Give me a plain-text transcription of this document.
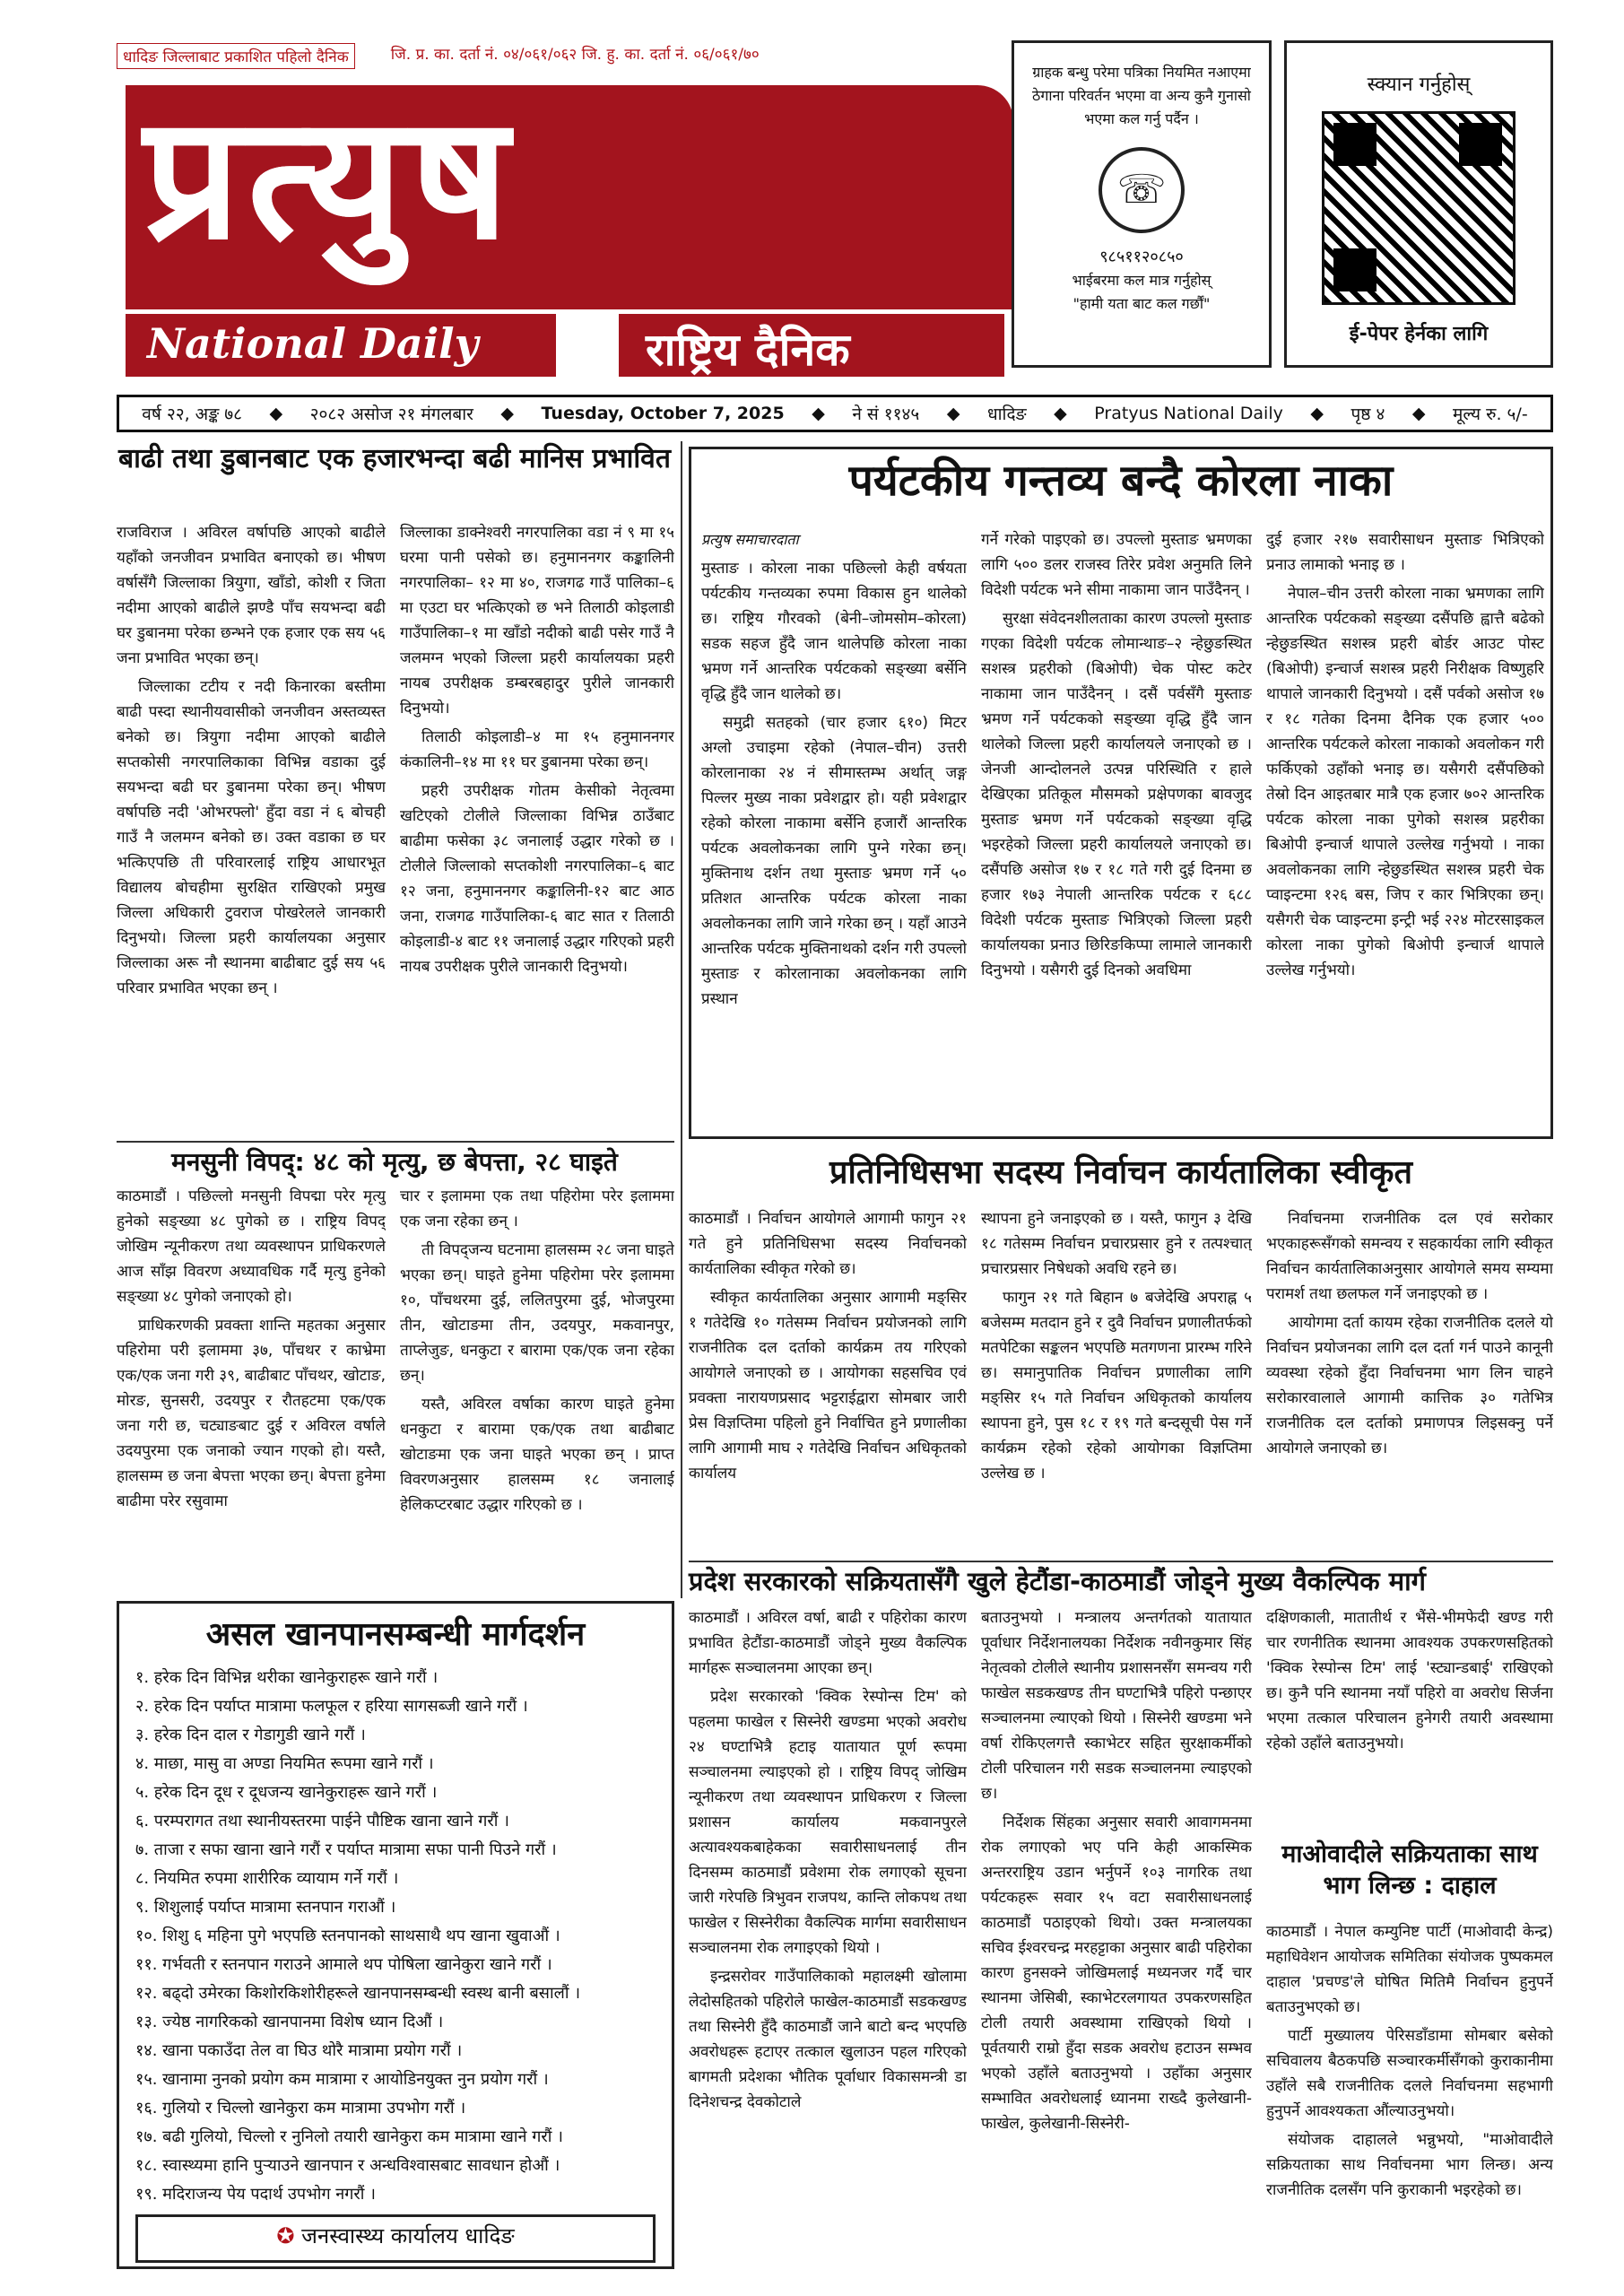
धादिङ जिल्लाबाट प्रकाशित पहिलो दैनिक	जि. प्र. का. दर्ता नं. ०४/०६१/०६२ जि. हु. का. दर्ता नं. ०६/०६१/७०
प्रत्युष
National Daily	राष्ट्रिय दैनिक
ग्राहक बन्धु परेमा पत्रिका नियमित नआएमा ठेगाना परिवर्तन भएमा वा अन्य कुनै गुनासो भएमा कल गर्नु पर्दैन ।
☏
९८५११२०८५०
भाईबरमा कल मात्र गर्नुहोस्
"हामी यता बाट कल गर्छौं"
स्क्यान गर्नुहोस्
ई-पेपर हेर्नका लागि
वर्ष २२, अङ्क ७८ ◆ २०८२ असोज २१ मंगलबार ◆ Tuesday, October 7, 2025 ◆ ने सं ११४५ ◆ धादिङ ◆ Pratyus National Daily ◆ पृष्ठ ४ ◆ मूल्य रु. ५/-
बाढी तथा डुबानबाट एक हजारभन्दा बढी मानिस प्रभावित

राजविराज । अविरल वर्षापछि आएको बाढीले यहाँको जनजीवन प्रभावित बनाएको छ। भीषण वर्षासँगै जिल्लाका त्रियुगा, खाँडो, कोशी र जिता नदीमा आएको बाढीले झण्डै पाँच सयभन्दा बढी घर डुबानमा परेका छन्भने एक हजार एक सय ५६ जना प्रभावित भएका छन्।

जिल्लाका टटीय र नदी किनारका बस्तीमा बाढी पस्दा स्थानीयवासीको जनजीवन अस्तव्यस्त बनेको छ। त्रियुगा नदीमा आएको बाढीले सप्तकोसी नगरपालिकाका विभिन्न वडाका दुई सयभन्दा बढी घर डुबानमा परेका छन्। भीषण वर्षापछि नदी 'ओभरफ्लो' हुँदा वडा नं ६ बोचही गाउँ नै जलमग्न बनेको छ। उक्त वडाका छ घर भत्किएपछि ती परिवारलाई राष्ट्रिय आधारभूत विद्यालय बोचहीमा सुरक्षित राखिएको प्रमुख जिल्ला अधिकारी टुवराज पोखरेलले जानकारी दिनुभयो। जिल्ला प्रहरी कार्यालयका अनुसार जिल्लाका अरू नौ स्थानमा बाढीबाट दुई सय ५६ परिवार प्रभावित भएका छन् ।

जिल्लाका डाक्नेश्वरी नगरपालिका वडा नं ९ मा १५ घरमा पानी पसेको छ। हनुमाननगर कङ्कालिनी नगरपालिका– १२ मा ४०, राजगढ गाउँ पालिका–६ मा एउटा घर भत्किएको छ भने तिलाठी कोइलाडी गाउँपालिका–१ मा खाँडो नदीको बाढी पसेर गाउँ नै जलमग्न भएको जिल्ला प्रहरी कार्यालयका प्रहरी नायब उपरीक्षक डम्बरबहादुर पुरीले जानकारी दिनुभयो।

तिलाठी कोइलाडी–४ मा १५ हनुमाननगर कंकालिनी–१४ मा ११ घर डुबानमा परेका छन्।

प्रहरी उपरीक्षक गोतम केसीको नेतृत्वमा खटिएको टोलीले जिल्लाका विभिन्न ठाउँबाट बाढीमा फसेका ३८ जनालाई उद्धार गरेको छ । टोलीले जिल्लाको सप्तकोशी नगरपालिका–६ बाट १२ जना, हनुमाननगर कङ्कालिनी-१२ बाट आठ जना, राजगढ गाउँपालिका-६ बाट सात र तिलाठी कोइलाडी-४ बाट ११ जनालाई उद्धार गरिएको प्रहरी नायब उपरीक्षक पुरीले जानकारी दिनुभयो।

पर्यटकीय गन्तव्य बन्दै कोरला नाका
प्रत्युष समाचारदाता

मुस्ताङ । कोरला नाका पछिल्लो केही वर्षयता पर्यटकीय गन्तव्यका रुपमा विकास हुन थालेको छ। राष्ट्रिय गौरवको (बेनी–जोमसोम–कोरला) सडक सहज हुँदै जान थालेपछि कोरला नाका भ्रमण गर्ने आन्तरिक पर्यटकको सङ्ख्या बर्सेनि वृद्धि हुँदै जान थालेको छ।

समुद्री सतहको (चार हजार ६१०) मिटर अग्लो उचाइमा रहेको (नेपाल–चीन) उत्तरी कोरलानाका २४ नं सीमास्तम्भ अर्थात् जङ्ग पिल्लर मुख्य नाका प्रवेशद्वार हो। यही प्रवेशद्वार रहेको कोरला नाकामा बर्सेनि हजारौं आन्तरिक पर्यटक अवलोकनका लागि पुग्ने गरेका छन्। मुक्तिनाथ दर्शन तथा मुस्ताङ भ्रमण गर्ने ५० प्रतिशत आन्तरिक पर्यटक कोरला नाका अवलोकनका लागि जाने गरेका छन् । यहाँ आउने आन्तरिक पर्यटक मुक्तिनाथको दर्शन गरी उपल्लो मुस्ताङ र कोरलानाका अवलोकनका लागि प्रस्थान

गर्ने गरेको पाइएको छ। उपल्लो मुस्ताङ भ्रमणका लागि ५०० डलर राजस्व तिरेर प्रवेश अनुमति लिने विदेशी पर्यटक भने सीमा नाकामा जान पाउँदैनन् ।

सुरक्षा संवेदनशीलताका कारण उपल्लो मुस्ताङ गएका विदेशी पर्यटक लोमान्थाङ–२ न्हेछुङस्थित सशस्त्र प्रहरीको (बिओपी) चेक पोस्ट कटेर नाकामा जान पाउँदैनन् । दसैं पर्वसँगै मुस्ताङ भ्रमण गर्ने पर्यटकको सङ्ख्या वृद्धि हुँदै जान थालेको जिल्ला प्रहरी कार्यालयले जनाएको छ । जेनजी आन्दोलनले उत्पन्न परिस्थिति र हाले देखिएका प्रतिकूल मौसमको प्रक्षेपणका बावजुद मुस्ताङ भ्रमण गर्ने पर्यटकको सङ्ख्या वृद्धि भइरहेको जिल्ला प्रहरी कार्यालयले जनाएको छ। दसैंपछि असोज १७ र १८ गते गरी दुई दिनमा छ हजार १७३ नेपाली आन्तरिक पर्यटक र ६८८ विदेशी पर्यटक मुस्ताङ भित्रिएको जिल्ला प्रहरी कार्यालयका प्रनाउ छिरिङकिप्पा लामाले जानकारी दिनुभयो । यसैगरी दुई दिनको अवधिमा

दुई हजार २१७ सवारीसाधन मुस्ताङ भित्रिएको प्रनाउ लामाको भनाइ छ ।

नेपाल–चीन उत्तरी कोरला नाका भ्रमणका लागि आन्तरिक पर्यटकको सङ्ख्या दसैंपछि ह्वात्तै बढेको न्हेछुङस्थित सशस्त्र प्रहरी बोर्डर आउट पोस्ट (बिओपी) इन्चार्ज सशस्त्र प्रहरी निरीक्षक विष्णुहरि थापाले जानकारी दिनुभयो । दसैं पर्वको असोज १७ र १८ गतेका दिनमा दैनिक एक हजार ५०० आन्तरिक पर्यटकले कोरला नाकाको अवलोकन गरी फर्किएको उहाँको भनाइ छ। यसैगरी दसैंपछिको तेस्रो दिन आइतबार मात्रै एक हजार ७०२ आन्तरिक पर्यटक कोरला नाका पुगेको सशस्त्र प्रहरीका बिओपी इन्चार्ज थापाले उल्लेख गर्नुभयो । नाका अवलोकनका लागि न्हेछुङस्थित सशस्त्र प्रहरी चेक प्वाइन्टमा १२६ बस, जिप र कार भित्रिएका छन्। यसैगरी चेक प्वाइन्टमा इन्ट्री भई २२४ मोटरसाइकल कोरला नाका पुगेको बिओपी इन्चार्ज थापाले उल्लेख गर्नुभयो।

मनसुनी विपद्: ४८ को मृत्यु, छ बेपत्ता, २८ घाइते

काठमाडौं । पछिल्लो मनसुनी विपद्मा परेर मृत्यु हुनेको सङ्ख्या ४८ पुगेको छ । राष्ट्रिय विपद् जोखिम न्यूनीकरण तथा व्यवस्थापन प्राधिकरणले आज साँझ विवरण अध्यावधिक गर्दै मृत्यु हुनेको सङ्ख्या ४८ पुगेको जनाएको हो।

प्राधिकरणकी प्रवक्ता शान्ति महतका अनुसार पहिरोमा परी इलाममा ३७, पाँचथर र काभ्रेमा एक/एक जना गरी ३९, बाढीबाट पाँचथर, खोटाङ, मोरङ, सुनसरी, उदयपुर र रौतहटमा एक/एक जना गरी छ, चट्याङबाट दुई र अविरल वर्षाले उदयपुरमा एक जनाको ज्यान गएको हो। यस्तै, हालसम्म छ जना बेपत्ता भएका छन्। बेपत्ता हुनेमा बाढीमा परेर रसुवामा

चार र इलाममा एक तथा पहिरोमा परेर इलाममा एक जना रहेका छन् ।

ती विपद्जन्य घटनामा हालसम्म २८ जना घाइते भएका छन्। घाइते हुनेमा पहिरोमा परेर इलाममा १०, पाँचथरमा दुई, ललितपुरमा दुई, भोजपुरमा तीन, खोटाङमा तीन, उदयपुर, मकवानपुर, ताप्लेजुङ, धनकुटा र बारामा एक/एक जना रहेका छन्।

यस्तै, अविरल वर्षाका कारण घाइते हुनेमा धनकुटा र बारामा एक/एक तथा बाढीबाट खोटाङमा एक जना घाइते भएका छन् । प्राप्त विवरणअनुसार हालसम्म १८ जनालाई हेलिकप्टरबाट उद्धार गरिएको छ ।

प्रतिनिधिसभा सदस्य निर्वाचन कार्यतालिका स्वीकृत

काठमाडौं । निर्वाचन आयोगले आगामी फागुन २१ गते हुने प्रतिनिधिसभा सदस्य निर्वाचनको कार्यतालिका स्वीकृत गरेको छ।

स्वीकृत कार्यतालिका अनुसार आगामी मङ्सिर १ गतेदेखि १० गतेसम्म निर्वाचन प्रयोजनको लागि राजनीतिक दल दर्ताको कार्यक्रम तय गरिएको आयोगले जनाएको छ । आयोगका सहसचिव एवं प्रवक्ता नारायणप्रसाद भट्टराईद्वारा सोमबार जारी प्रेस विज्ञप्तिमा पहिलो हुने निर्वाचित हुने प्रणालीका लागि आगामी माघ २ गतेदेखि निर्वाचन अधिकृतको कार्यालय

स्थापना हुने जनाइएको छ । यस्तै, फागुन ३ देखि १८ गतेसम्म निर्वाचन प्रचारप्रसार हुने र तत्पश्चात् प्रचारप्रसार निषेधको अवधि रहने छ।

फागुन २१ गते बिहान ७ बजेदेखि अपराह्न ५ बजेसम्म मतदान हुने र दुवै निर्वाचन प्रणालीतर्फको मतपेटिका सङ्कलन भएपछि मतगणना प्रारम्भ गरिने छ। समानुपातिक निर्वाचन प्रणालीका लागि मङ्सिर १५ गते निर्वाचन अधिकृतको कार्यालय स्थापना हुने, पुस १८ र १९ गते बन्दसूची पेस गर्ने कार्यक्रम रहेको रहेको आयोगका विज्ञप्तिमा उल्लेख छ ।

निर्वाचनमा राजनीतिक दल एवं सरोकार भएकाहरूसँगको समन्वय र सहकार्यका लागि स्वीकृत निर्वाचन कार्यतालिकाअनुसार आयोगले समय सम्यमा परामर्श तथा छलफल गर्ने जनाइएको छ ।

आयोगमा दर्ता कायम रहेका राजनीतिक दलले यो निर्वाचन प्रयोजनका लागि दल दर्ता गर्न पाउने कानूनी व्यवस्था रहेको हुँदा निर्वाचनमा भाग लिन चाहने सरोकारवालाले आगामी कात्तिक ३० गतेभित्र राजनीतिक दल दर्ताको प्रमाणपत्र लिइसक्नु पर्ने आयोगले जनाएको छ।

प्रदेश सरकारको सक्रियतासँगै खुले हेटौंडा-काठमाडौं जोड्ने मुख्य वैकल्पिक मार्ग

काठमाडौं । अविरल वर्षा, बाढी र पहिरोका कारण प्रभावित हेटौंडा-काठमाडौं जोड्ने मुख्य वैकल्पिक मार्गहरू सञ्चालनमा आएका छन्।

प्रदेश सरकारको 'क्विक रेस्पोन्स टिम' को पहलमा फाखेल र सिस्नेरी खण्डमा भएको अवरोध २४ घण्टाभित्रै हटाइ यातायात पूर्ण रूपमा सञ्चालनमा ल्याइएको हो । राष्ट्रिय विपद् जोखिम न्यूनीकरण तथा व्यवस्थापन प्राधिकरण र जिल्ला प्रशासन कार्यालय मकवानपुरले अत्यावश्यकबाहेकका सवारीसाधनलाई तीन दिनसम्म काठमाडौं प्रवेशमा रोक लगाएको सूचना जारी गरेपछि त्रिभुवन राजपथ, कान्ति लोकपथ तथा फाखेल र सिस्नेरीका वैकल्पिक मार्गमा सवारीसाधन सञ्चालनमा रोक लगाइएको थियो ।

इन्द्रसरोवर गाउँपालिकाको महालक्ष्मी खोलामा लेदोसहितको पहिरोले फाखेल-काठमाडौं सडकखण्ड तथा सिस्नेरी हुँदै काठमाडौं जाने बाटो बन्द भएपछि अवरोधहरू हटाएर तत्काल खुलाउन पहल गरिएको बागमती प्रदेशका भौतिक पूर्वाधार विकासमन्त्री डा दिनेशचन्द्र देवकोटाले

बताउनुभयो । मन्त्रालय अन्तर्गतको यातायात पूर्वाधार निर्देशनालयका निर्देशक नवीनकुमार सिंह नेतृत्वको टोलीले स्थानीय प्रशासनसँग समन्वय गरी फाखेल सडकखण्ड तीन घण्टाभित्रै पहिरो पन्छाएर सञ्चालनमा ल्याएको थियो । सिस्नेरी खण्डमा भने वर्षा रोकिएलगत्तै स्काभेटर सहित सुरक्षाकर्मीको टोली परिचालन गरी सडक सञ्चालनमा ल्याइएको छ।

निर्देशक सिंहका अनुसार सवारी आवागमनमा रोक लगाएको भए पनि केही आकस्मिक अन्तरराष्ट्रिय उडान भर्नुपर्ने १०३ नागरिक तथा पर्यटकहरू सवार १५ वटा सवारीसाधनलाई काठमाडौं पठाइएको थियो। उक्त मन्त्रालयका सचिव ईश्वरचन्द्र मरहट्टाका अनुसार बाढी पहिरोका कारण हुनसक्ने जोखिमलाई मध्यनजर गर्दै चार स्थानमा जेसिबी, स्काभेटरलगायत उपकरणसहित टोली तयारी अवस्थामा राखिएको थियो । पूर्वतयारी राम्रो हुँदा सडक अवरोध हटाउन सम्भव भएको उहाँले बताउनुभयो । उहाँका अनुसार सम्भावित अवरोधलाई ध्यानमा राख्दै कुलेखानी-फाखेल, कुलेखानी-सिस्नेरी-

दक्षिणकाली, मातातीर्थ र भैंसे-भीमफेदी खण्ड गरी चार रणनीतिक स्थानमा आवश्यक उपकरणसहितको 'क्विक रेस्पोन्स टिम' लाई 'स्ट्यान्डबाई' राखिएको छ। कुनै पनि स्थानमा नयाँ पहिरो वा अवरोध सिर्जना भएमा तत्काल परिचालन हुनेगरी तयारी अवस्थामा रहेको उहाँले बताउनुभयो।

माओवादीले सक्रियताका साथ भाग लिन्छ : दाहाल

काठमाडौं । नेपाल कम्युनिष्ट पार्टी (माओवादी केन्द्र) महाधिवेशन आयोजक समितिका संयोजक पुष्पकमल दाहाल 'प्रचण्ड'ले घोषित मितिमै निर्वाचन हुनुपर्ने बताउनुभएको छ।

पार्टी मुख्यालय पेरिसडाँडामा सोमबार बसेको सचिवालय बैठकपछि सञ्चारकर्मीसँगको कुराकानीमा उहाँले सबै राजनीतिक दलले निर्वाचनमा सहभागी हुनुपर्ने आवश्यकता औंल्याउनुभयो।

संयोजक दाहालले भन्नुभयो, "माओवादीले सक्रियताका साथ निर्वाचनमा भाग लिन्छ। अन्य राजनीतिक दलसँग पनि कुराकानी भइरहेको छ।

असल खानपानसम्बन्धी मार्गदर्शन
१. हरेक दिन विभिन्न थरीका खानेकुराहरू खाने गरौं ।
२. हरेक दिन पर्याप्त मात्रामा फलफूल र हरिया सागसब्जी खाने गरौं ।
३. हरेक दिन दाल र गेडागुडी खाने गरौं ।
४. माछा, मासु वा अण्डा नियमित रूपमा खाने गरौं ।
५. हरेक दिन दूध र दूधजन्य खानेकुराहरू खाने गरौं ।
६. परम्परागत तथा स्थानीयस्तरमा पाईने पौष्टिक खाना खाने गरौं ।
७. ताजा र सफा खाना खाने गरौं र पर्याप्त मात्रामा सफा पानी पिउने गरौं ।
८. नियमित रुपमा शारीरिक व्यायाम गर्ने गरौं ।
९. शिशुलाई पर्याप्त मात्रामा स्तनपान गराऔं ।
१०. शिशु ६ महिना पुगे भएपछि स्तनपानको साथसाथै थप खाना खुवाऔं ।
११. गर्भवती र स्तनपान गराउने आमाले थप पोषिला खानेकुरा खाने गरौं ।
१२. बढ्दो उमेरका किशोरकिशोरीहरूले खानपानसम्बन्धी स्वस्थ बानी बसालौं ।
१३. ज्येष्ठ नागरिकको खानपानमा विशेष ध्यान दिऔं ।
१४. खाना पकाउँदा तेल वा घिउ थोरै मात्रामा प्रयोग गरौं ।
१५. खानामा नुनको प्रयोग कम मात्रामा र आयोडिनयुक्त नुन प्रयोग गरौं ।
१६. गुलियो र चिल्लो खानेकुरा कम मात्रामा उपभोग गरौं ।
१७. बढी गुलियो, चिल्लो र नुनिलो तयारी खानेकुरा कम मात्रामा खाने गरौं ।
१८. स्वास्थ्यमा हानि पुऱ्याउने खानपान र अन्धविश्वासबाट सावधान होऔं ।
१९. मदिराजन्य पेय पदार्थ उपभोग नगरौं ।
✪ जनस्वास्थ्य कार्यालय धादिङ
